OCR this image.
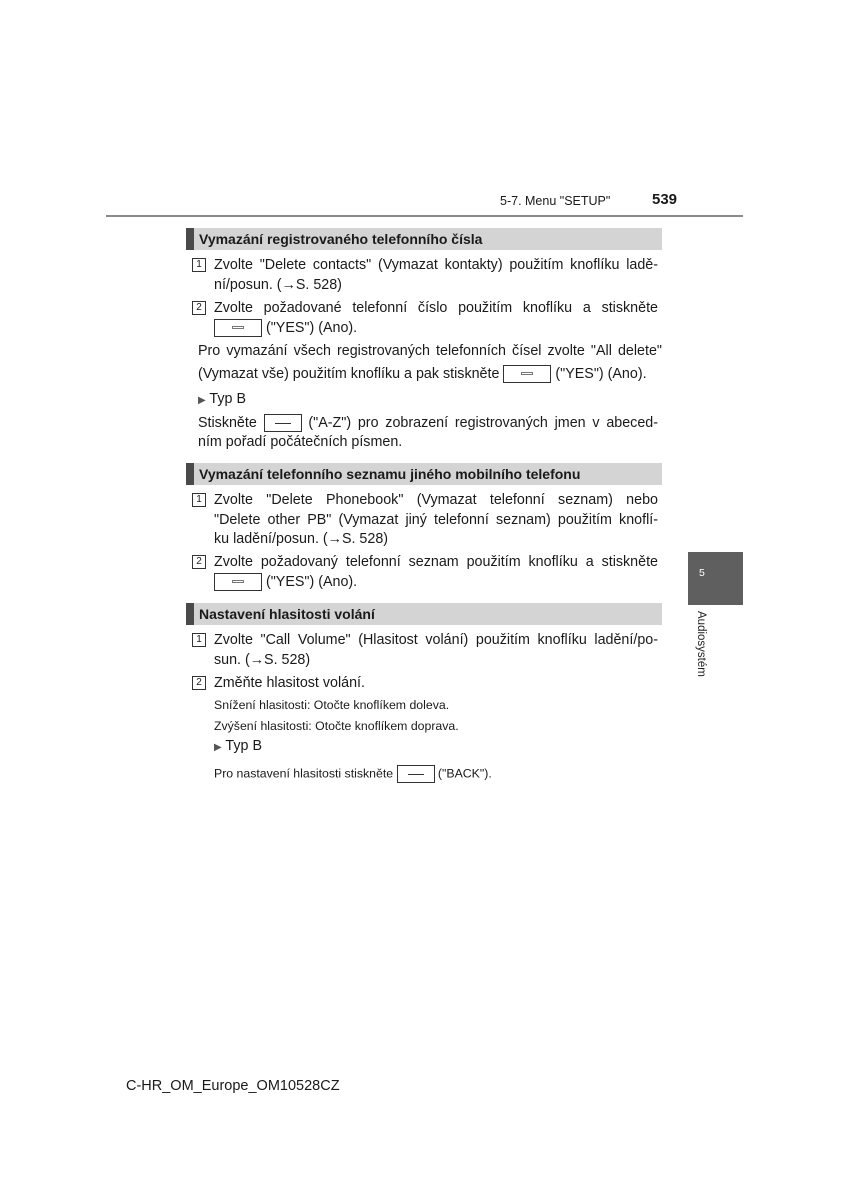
5-7. Menu "SETUP"	539
Vymazání registrovaného telefonního čísla
1 Zvolte "Delete contacts" (Vymazat kontakty) použitím knoflíku ladě-
ní/posun. (→S. 528)
2 Zvolte požadované telefonní číslo použitím knoflíku a stiskněte
("YES") (Ano).
Pro vymazání všech registrovaných telefonních čísel zvolte "All delete"
(Vymazat vše) použitím knoflíku a pak stiskněte	("YES") (Ano).
▶ Typ B
Stiskněte	("A-Z") pro zobrazení registrovaných jmen v abeced-
ním pořadí počátečních písmen.
Vymazání telefonního seznamu jiného mobilního telefonu
1 Zvolte "Delete Phonebook" (Vymazat telefonní seznam) nebo
"Delete other PB" (Vymazat jiný telefonní seznam) použitím knoflí-
ku ladění/posun. (→S. 528)
2 Zvolte požadovaný telefonní seznam použitím knoflíku a stiskněte
("YES") (Ano).
Nastavení hlasitosti volání
1 Zvolte "Call Volume" (Hlasitost volání) použitím knoflíku ladění/po-
sun. (→S. 528)
2 Změňte hlasitost volání.
Snížení hlasitosti: Otočte knoflíkem doleva.
Zvýšení hlasitosti: Otočte knoflíkem doprava.
▶ Typ B
Pro nastavení hlasitosti stiskněte	("BACK").
5
Audiosystém
C-HR_OM_Europe_OM10528CZ
